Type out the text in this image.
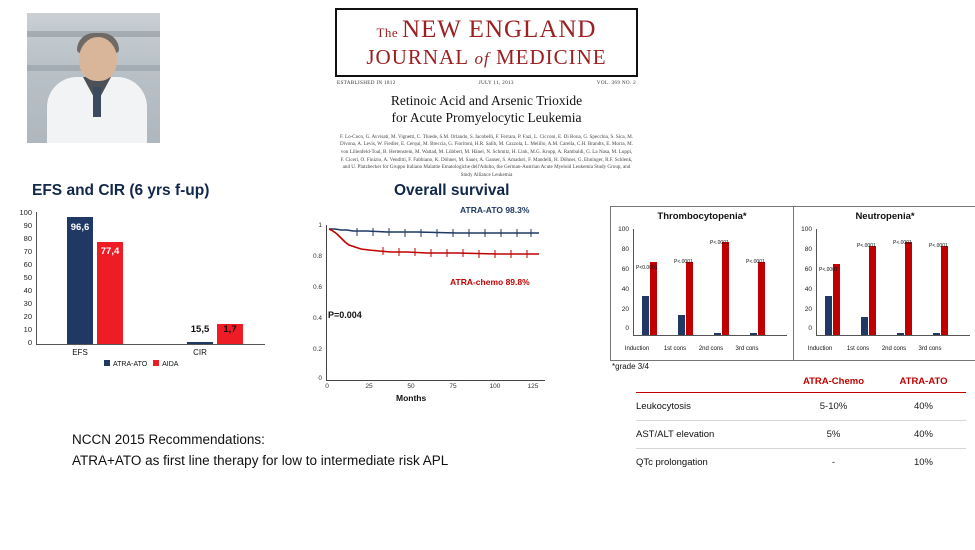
The NEW ENGLAND
JOURNAL of MEDICINE
ESTABLISHED IN 1812	JULY 11, 2013	VOL. 369 NO. 2
Retinoic Acid and Arsenic Trioxide
for Acute Promyelocytic Leukemia
F. Lo-Coco, G. Avvisati, M. Vignetti, C. Thiede, S.M. Orlando, S. Iacobelli, F. Ferrara, P. Fazi, L. Cicconi, E. Di Bona, G. Specchia, S. Sica, M. Divona, A. Levis, W. Fiedler, E. Cerqui, M. Breccia, G. Fioritoni, H.R. Salih, M. Cazzola, L. Melillo, A.M. Carella, C.H. Brandts, E. Morra, M. von Lilienfeld-Toal, B. Hertenstein, M. Wattad, M. Lübbert, M. Hänel, N. Schmitz, H. Link, M.G. Kropp, A. Rambaldi, G. La Nasa, M. Luppi, F. Ciceri, O. Finizio, A. Venditti, F. Fabbiano, K. Döhner, M. Sauer, A. Ganser, S. Amadori, F. Mandelli, H. Döhner, G. Ehninger, R.F. Schlenk, and U. Platzbecker for Gruppo Italiano Malattie Ematologiche dell'Adulto, the German-Austrian Acute Myeloid Leukemia Study Group, and Study Alliance Leukemia
EFS and CIR (6 yrs f-up)
100
90
80
70
60
50
40
30
20
10
0
96,6
77,4
15,5	1,7
EFS	CIR
ATRA-ATO AIDA
Overall survival
1
0.8
0.6
0.4
0.2
0
0	25	50	75	100	125
Months
ATRA-ATO 98.3%
ATRA-chemo 89.8%
P=0.004
Thrombocytopenia*
100
80
60
40
20
0
P<0.0001
P<.0001
P<.0001
P<.0001
Induction	1st cons	2nd cons	3rd cons
Neutropenia*
100
80
60
40
20
0
P<.0001
P<.0001	P<.0001	P<.0001
Induction	1st cons	2nd cons	3rd cons
*grade 3/4
ATRA-Chemo	ATRA-ATO
Leukocytosis	5-10%	40%
AST/ALT elevation	5%	40%
QTc prolongation	-	10%
NCCN 2015 Recommendations:
ATRA+ATO as first line therapy for low to intermediate risk APL
